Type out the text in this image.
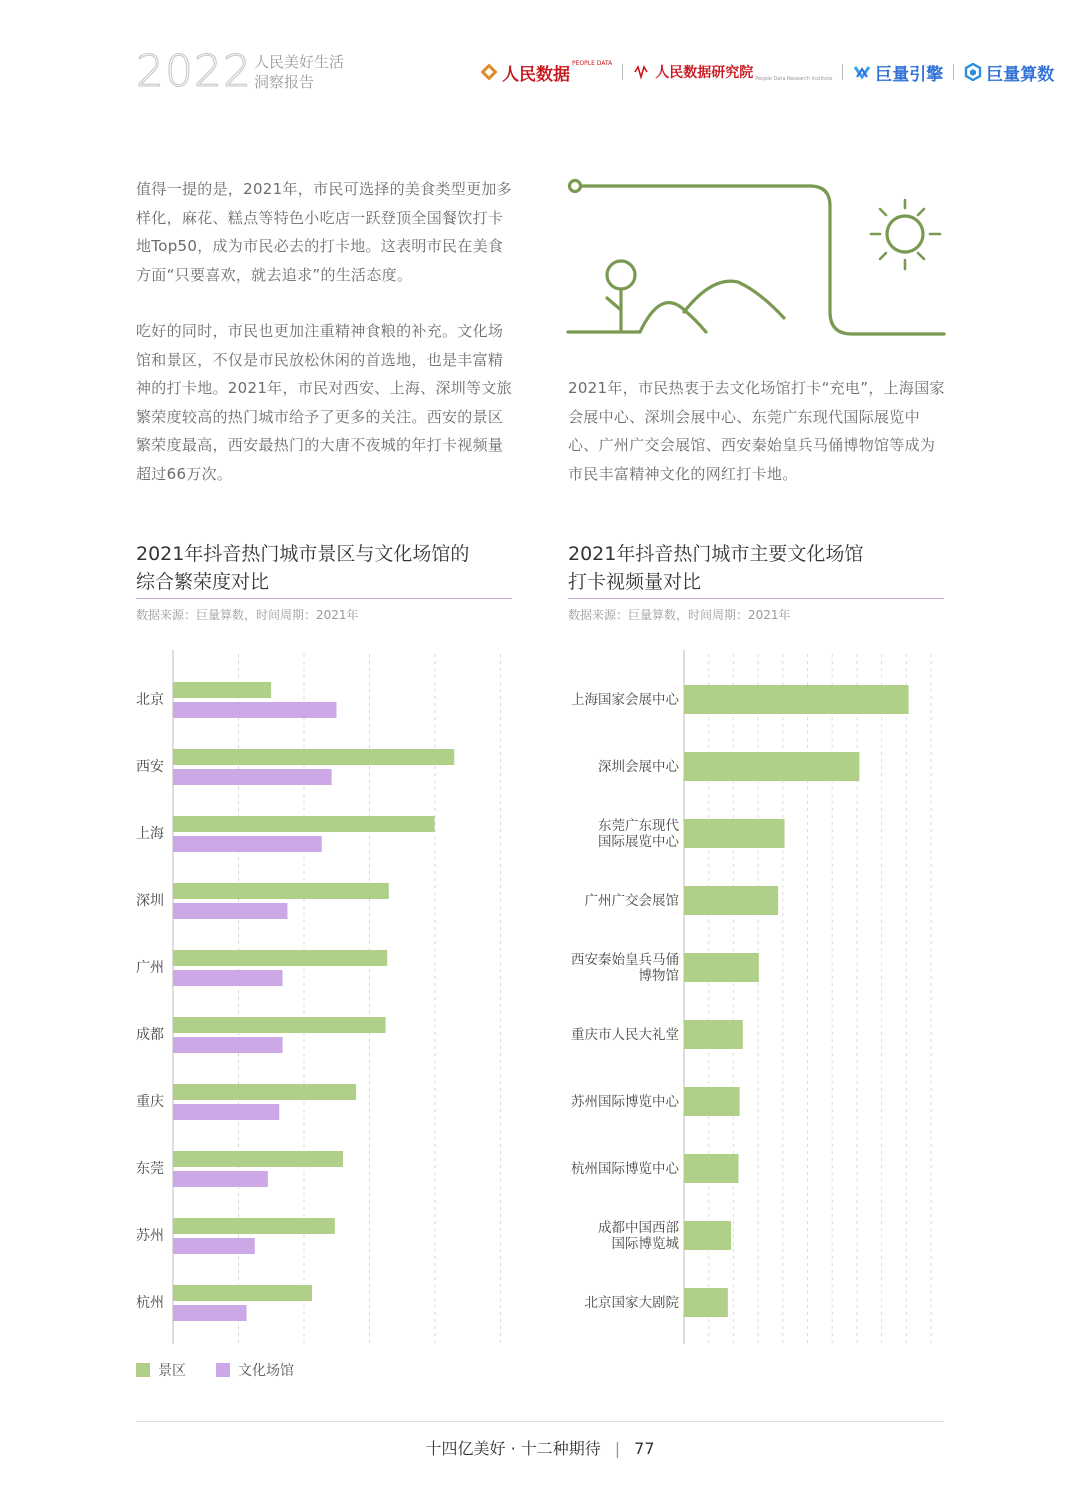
2022 人民美好生活
洞察报告	人民数据
PEOPLE DATA
人民数据研究院 People Data Research Institute	巨量引擎	巨量算数
值得一提的是，2021年，市民可选择的美食类型更加多样化，麻花、糕点等特色小吃店一跃登顶全国餐饮打卡地Top50，成为市民必去的打卡地。这表明市民在美食方面“只要喜欢，就去追求”的生活态度。
吃好的同时，市民也更加注重精神食粮的补充。文化场馆和景区，不仅是市民放松休闲的首选地，也是丰富精神的打卡地。2021年，市民对西安、上海、深圳等文旅繁荣度较高的热门城市给予了更多的关注。西安的景区繁荣度最高，西安最热门的大唐不夜城的年打卡视频量超过66万次。
2021年，市民热衷于去文化场馆打卡“充电”，上海国家会展中心、深圳会展中心、东莞广东现代国际展览中心、广州广交会展馆、西安秦始皇兵马俑博物馆等成为市民丰富精神文化的网红打卡地。
2021年抖音热门城市景区与文化场馆的
综合繁荣度对比
数据来源：巨量算数，时间周期：2021年
2021年抖音热门城市主要文化场馆
打卡视频量对比
数据来源：巨量算数，时间周期：2021年
北京
西安
上海
深圳
广州
成都
重庆
东莞
苏州
杭州
上海国家会展中心
深圳会展中心
东莞广东现代
国际展览中心
广州广交会展馆
西安秦始皇兵马俑
博物馆
重庆市人民大礼堂
苏州国际博览中心
杭州国际博览中心
成都中国西部
国际博览城
北京国家大剧院
景区	文化场馆
十四亿美好 · 十二种期待 | 77
